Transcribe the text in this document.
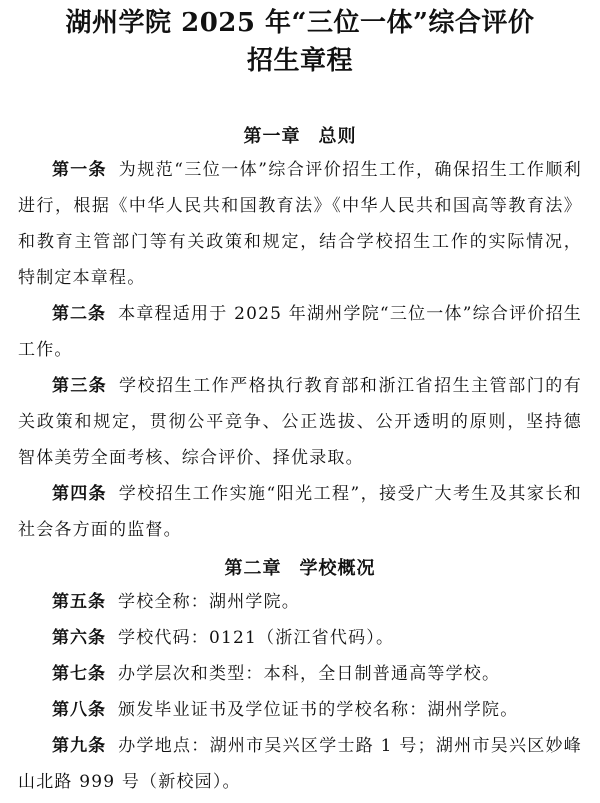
湖州学院 2025 年“三位一体”综合评价
招生章程
第一章 总则

第一条 为规范“三位一体”综合评价招生工作，确保招生工作顺利进行，根据《中华人民共和国教育法》《中华人民共和国高等教育法》和教育主管部门等有关政策和规定，结合学校招生工作的实际情况，特制定本章程。

第二条 本章程适用于 2025 年湖州学院“三位一体”综合评价招生工作。

第三条 学校招生工作严格执行教育部和浙江省招生主管部门的有关政策和规定，贯彻公平竞争、公正选拔、公开透明的原则，坚持德智体美劳全面考核、综合评价、择优录取。

第四条 学校招生工作实施“阳光工程”，接受广大考生及其家长和社会各方面的监督。

第二章 学校概况

第五条 学校全称：湖州学院。

第六条 学校代码：0121（浙江省代码）。

第七条 办学层次和类型：本科，全日制普通高等学校。

第八条 颁发毕业证书及学位证书的学校名称：湖州学院。

第九条 办学地点：湖州市吴兴区学士路 1 号；湖州市吴兴区妙峰山北路 999 号（新校园）。
